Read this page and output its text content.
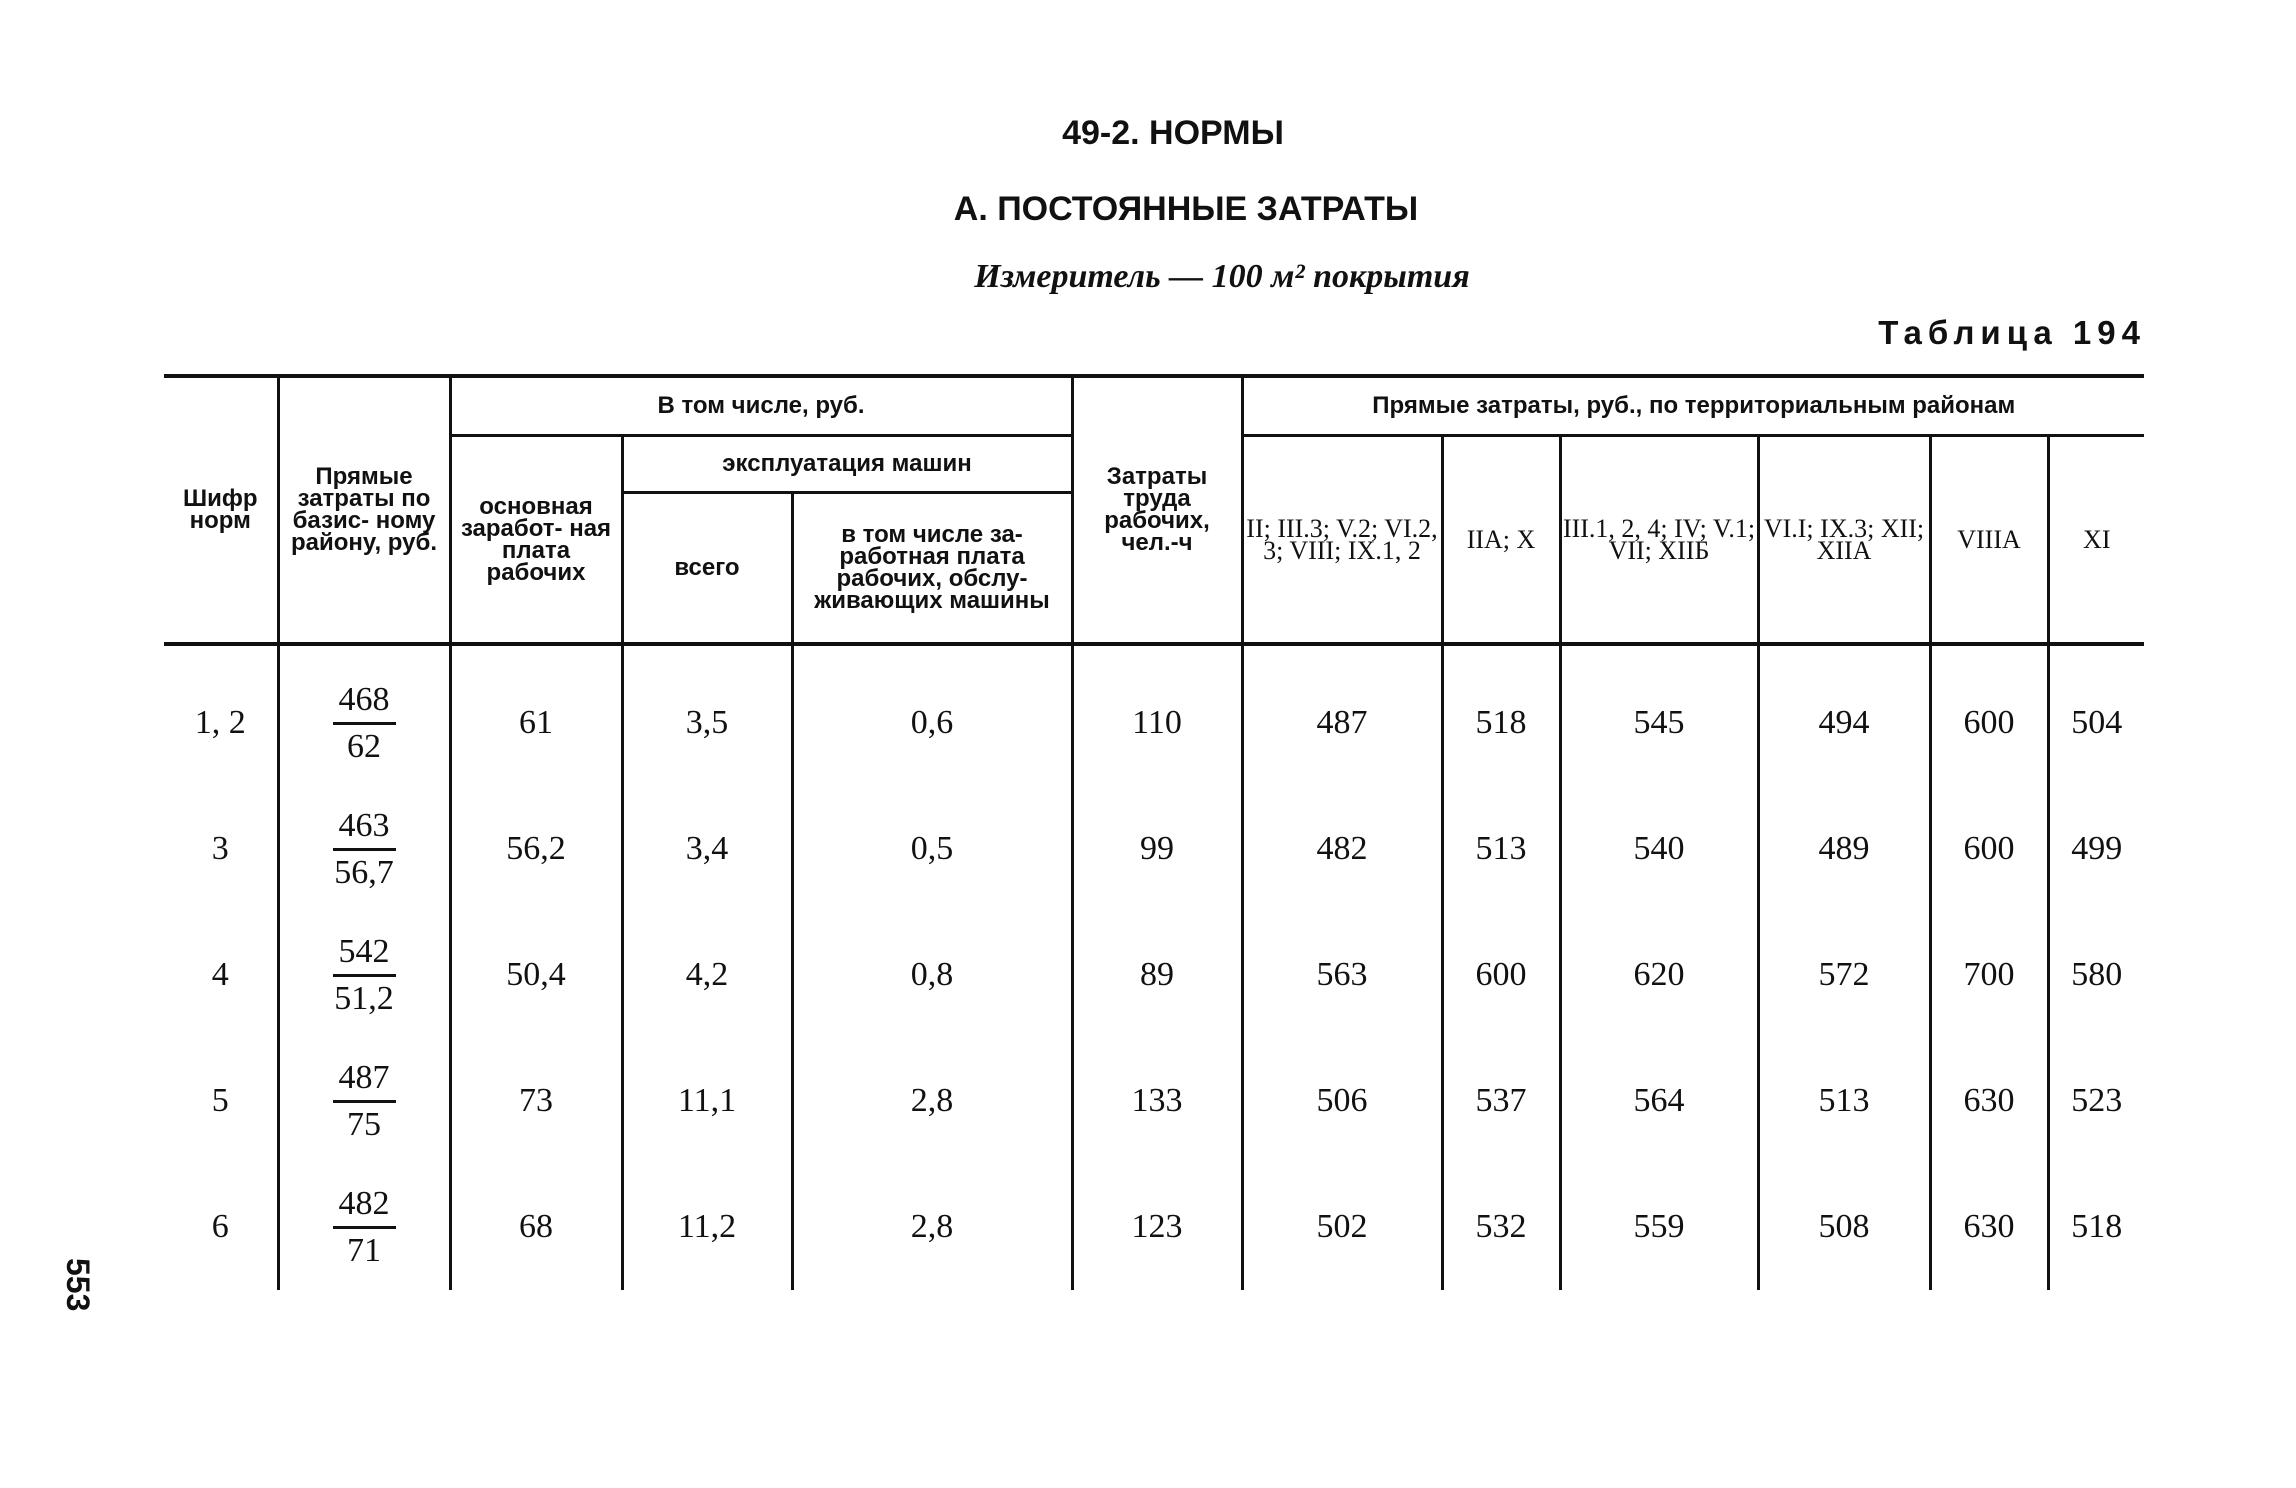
49-2. НОРМЫ
А. ПОСТОЯННЫЕ ЗАТРАТЫ
Измеритель — 100 м² покрытия
Таблица 194
553
Шифр норм	Прямые затраты по базис- ному району, руб.	В том числе, руб.			Затраты труда рабочих, чел.-ч	Прямые затраты, руб., по территориальным районам					
		основная заработ- ная плата рабочих	эксплуатация машин			II; III.3; V.2; VI.2, 3; VIII; IX.1, 2	IIA; X	III.1, 2, 4; IV; V.1; VII; XIIБ	VI.I; IX.3; XII; XIIA	VIIIA	XI
			всего	в том числе за- работная плата рабочих, обслу- живающих машины							
1, 2	$\frac{468}{62}$	61	3,5	0,6	110	487	518	545	494	600	504
3	$\frac{463}{56,7}$	56,2	3,4	0,5	99	482	513	540	489	600	499
4	$\frac{542}{51,2}$	50,4	4,2	0,8	89	563	600	620	572	700	580
5	$\frac{487}{75}$	73	11,1	2,8	133	506	537	564	513	630	523
6	$\frac{482}{71}$	68	11,2	2,8	123	502	532	559	508	630	518
